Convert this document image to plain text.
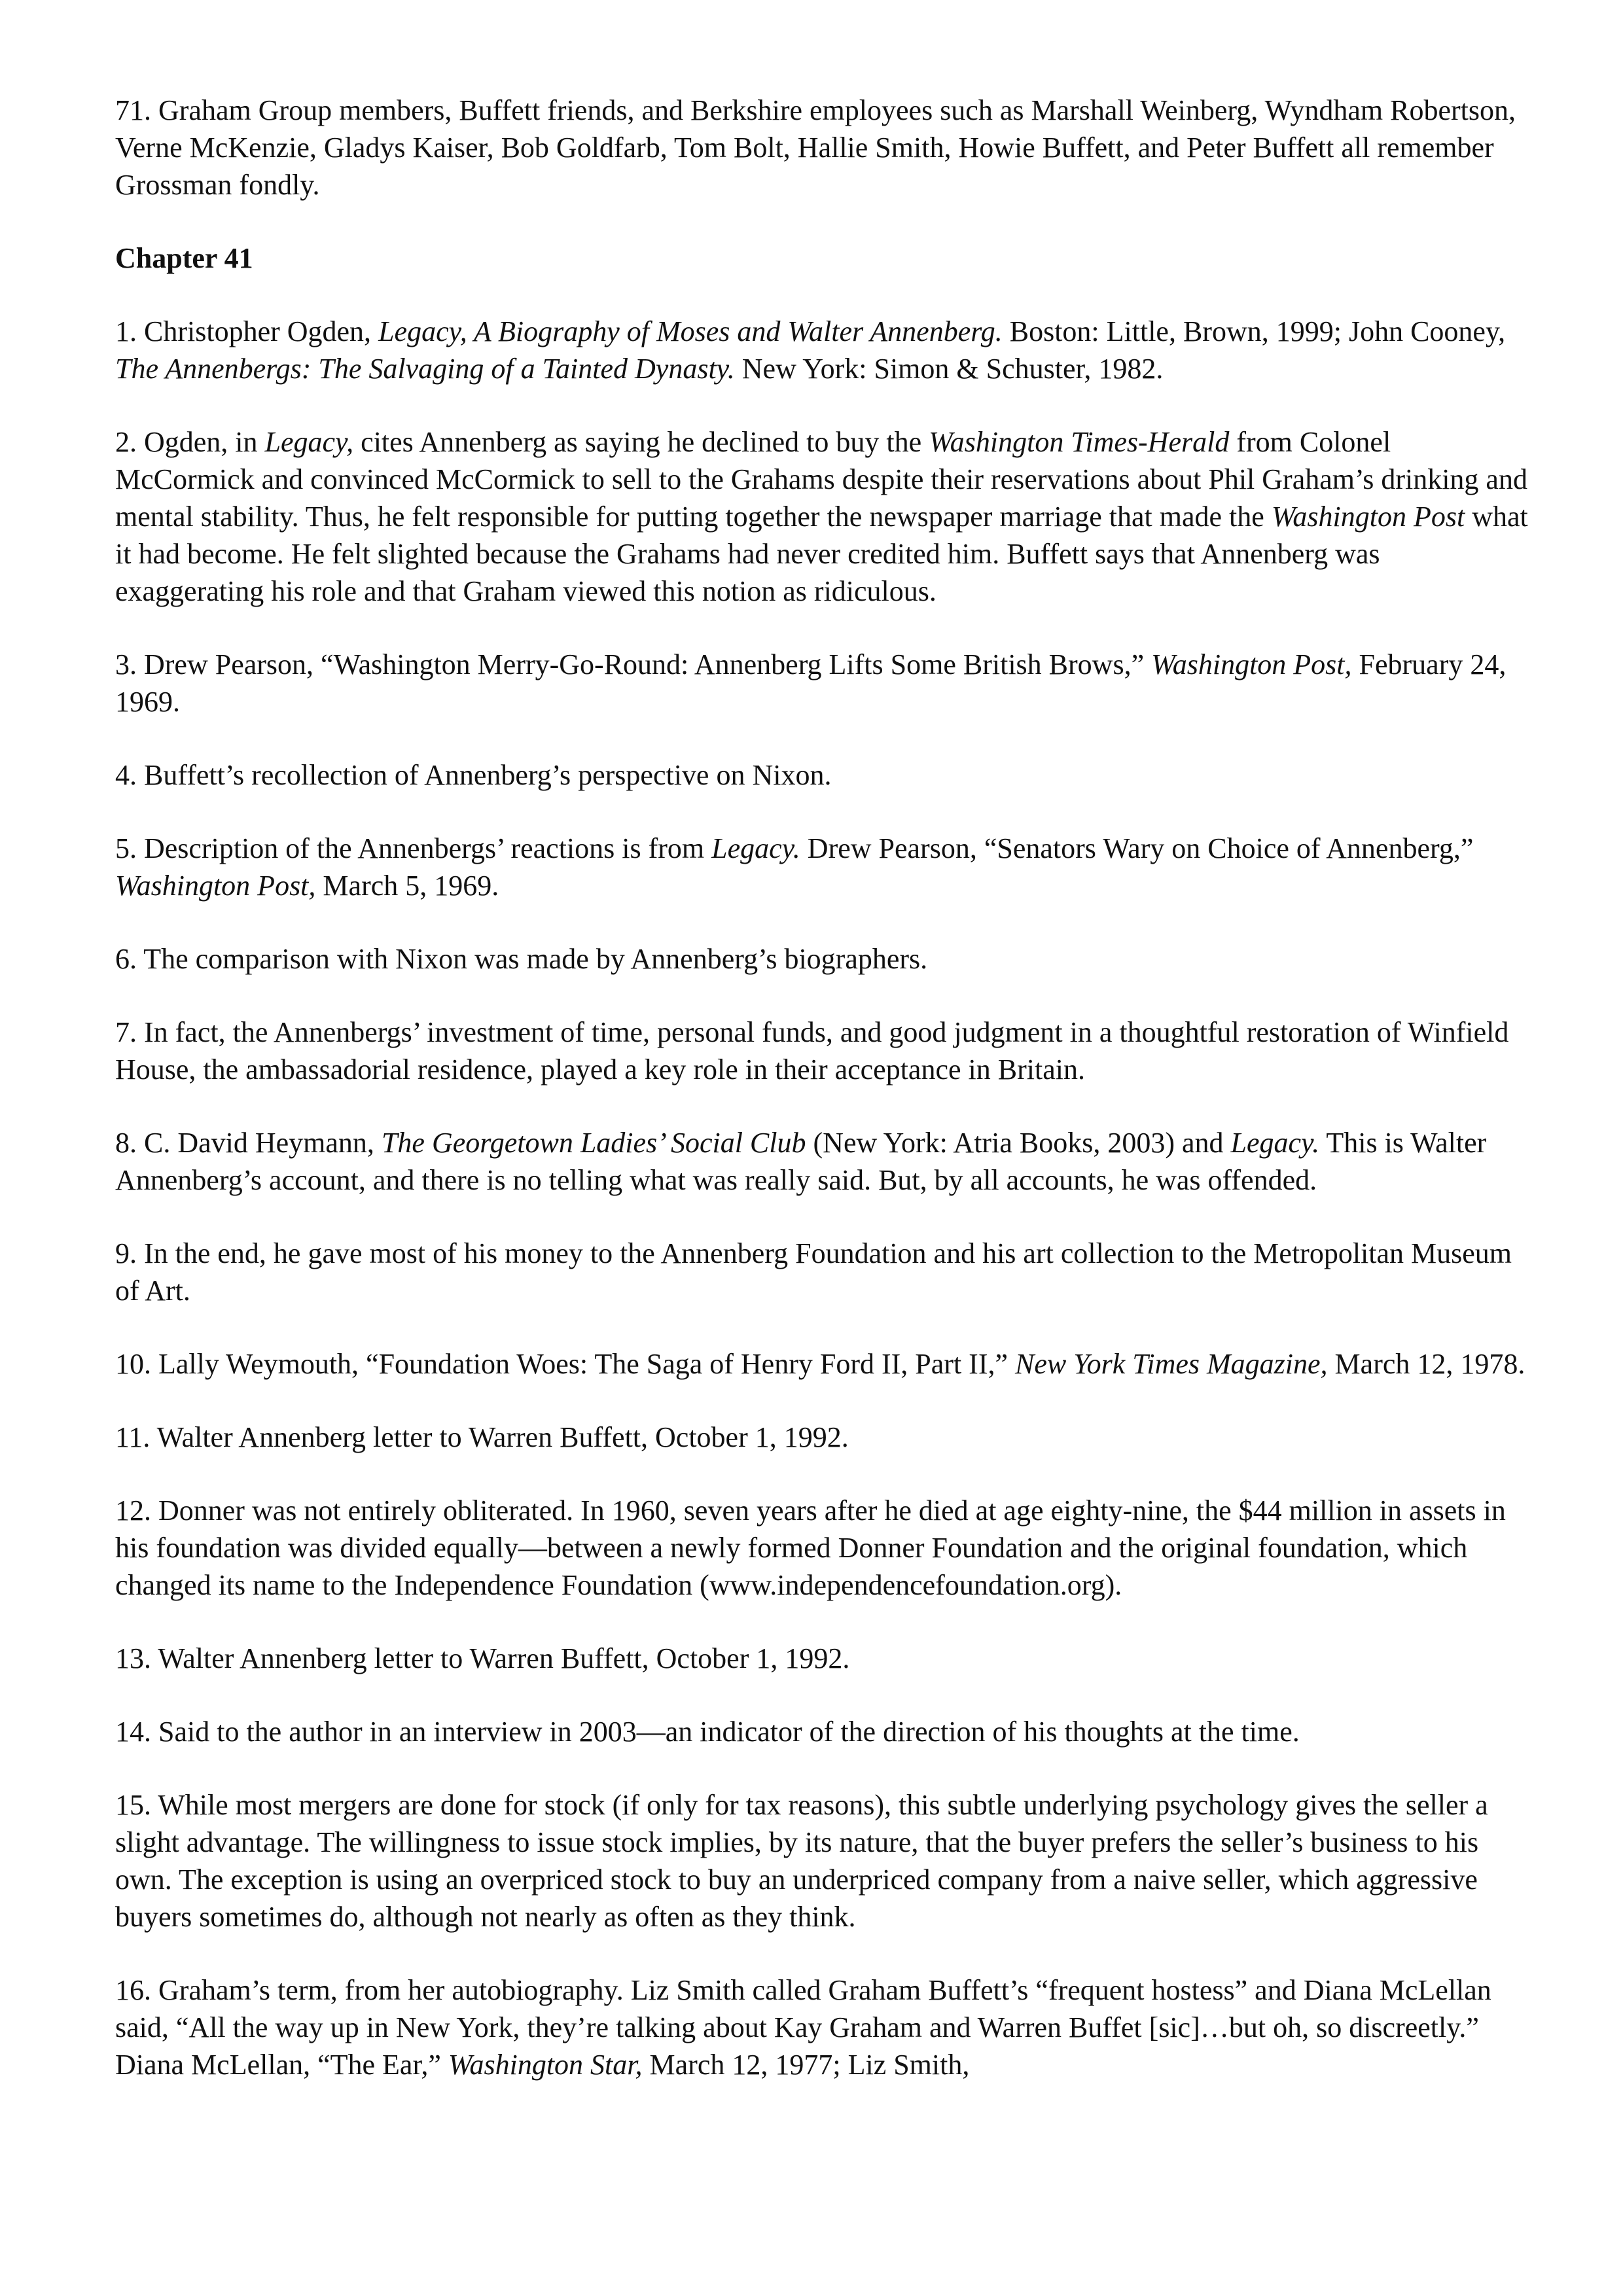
71. Graham Group members, Buffett friends, and Berkshire employees such as Marshall Weinberg, Wyndham Robertson, Verne McKenzie, Gladys Kaiser, Bob Goldfarb, Tom Bolt, Hallie Smith, Howie Buffett, and Peter Buffett all remember Grossman fondly.

Chapter 41

1. Christopher Ogden, Legacy, A Biography of Moses and Walter Annenberg. Boston: Little, Brown, 1999; John Cooney, The Annenbergs: The Salvaging of a Tainted Dynasty. New York: Simon & Schuster, 1982.

2. Ogden, in Legacy, cites Annenberg as saying he declined to buy the Washington Times-Herald from Colonel McCormick and convinced McCormick to sell to the Grahams despite their reservations about Phil Graham’s drinking and mental stability. Thus, he felt responsible for putting together the newspaper marriage that made the Washington Post what it had become. He felt slighted because the Grahams had never credited him. Buffett says that Annenberg was exaggerating his role and that Graham viewed this notion as ridiculous.

3. Drew Pearson, “Washington Merry-Go-Round: Annenberg Lifts Some British Brows,” Washington Post, February 24, 1969.

4. Buffett’s recollection of Annenberg’s perspective on Nixon.

5. Description of the Annenbergs’ reactions is from Legacy. Drew Pearson, “Senators Wary on Choice of Annenberg,” Washington Post, March 5, 1969.

6. The comparison with Nixon was made by Annenberg’s biographers.

7. In fact, the Annenbergs’ investment of time, personal funds, and good judgment in a thoughtful restoration of Winfield House, the ambassadorial residence, played a key role in their acceptance in Britain.

8. C. David Heymann, The Georgetown Ladies’ Social Club (New York: Atria Books, 2003) and Legacy. This is Walter Annenberg’s account, and there is no telling what was really said. But, by all accounts, he was offended.

9. In the end, he gave most of his money to the Annenberg Foundation and his art collection to the Metropolitan Museum of Art.

10. Lally Weymouth, “Foundation Woes: The Saga of Henry Ford II, Part II,” New York Times Magazine, March 12, 1978.

11. Walter Annenberg letter to Warren Buffett, October 1, 1992.

12. Donner was not entirely obliterated. In 1960, seven years after he died at age eighty-nine, the $44 million in assets in his foundation was divided equally—between a newly formed Donner Foundation and the original foundation, which changed its name to the Independence Foundation (www.independencefoundation.org).

13. Walter Annenberg letter to Warren Buffett, October 1, 1992.

14. Said to the author in an interview in 2003—an indicator of the direction of his thoughts at the time.

15. While most mergers are done for stock (if only for tax reasons), this subtle underlying psychology gives the seller a slight advantage. The willingness to issue stock implies, by its nature, that the buyer prefers the seller’s business to his own. The exception is using an overpriced stock to buy an underpriced company from a naive seller, which aggressive buyers sometimes do, although not nearly as often as they think.

16. Graham’s term, from her autobiography. Liz Smith called Graham Buffett’s “frequent hostess” and Diana McLellan said, “All the way up in New York, they’re talking about Kay Graham and Warren Buffet [sic]…but oh, so discreetly.” Diana McLellan, “The Ear,” Washington Star, March 12, 1977; Liz Smith,
